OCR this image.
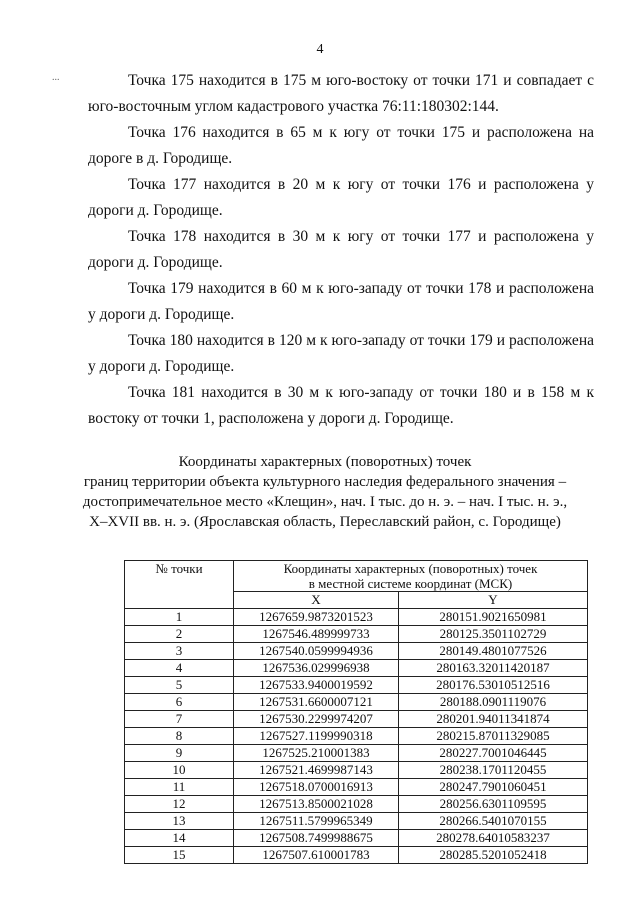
4
...	Точка 175 находится в 175 м юго-востоку от точки 171 и совпадает с юго-восточным углом кадастрового участка 76:11:180302:144.

Точка 176 находится в 65 м к югу от точки 175 и расположена на дороге в д. Городище.

Точка 177 находится в 20 м к югу от точки 176 и расположена у дороги д. Городище.

Точка 178 находится в 30 м к югу от точки 177 и расположена у дороги д. Городище.

Точка 179 находится в 60 м к юго-западу от точки 178 и расположена у дороги д. Городище.

Точка 180 находится в 120 м к юго-западу от точки 179 и расположена у дороги д. Городище.

Точка 181 находится в 30 м к юго-западу от точки 180 и в 158 м к востоку от точки 1, расположена у дороги д. Городище.

Координаты характерных (поворотных) точек
границ территории объекта культурного наследия федерального значения –
достопримечательное место «Клещин», нач. I тыс. до н. э. – нач. I тыс. н. э.,
X–XVII вв. н. э. (Ярославская область, Переславский район, с. Городище)
№ точки	Координаты характерных (поворотных) точек
в местной системе координат (МСК)	

	X	Y
1	1267659.9873201523	280151.9021650981
2	1267546.489999733	280125.3501102729
3	1267540.0599994936	280149.4801077526
4	1267536.029996938	280163.32011420187
5	1267533.9400019592	280176.53010512516
6	1267531.6600007121	280188.0901119076
7	1267530.2299974207	280201.94011341874
8	1267527.1199990318	280215.87011329085
9	1267525.210001383	280227.7001046445
10	1267521.4699987143	280238.1701120455
11	1267518.0700016913	280247.7901060451
12	1267513.8500021028	280256.6301109595
13	1267511.5799965349	280266.5401070155
14	1267508.7499988675	280278.64010583237
15	1267507.610001783	280285.5201052418
